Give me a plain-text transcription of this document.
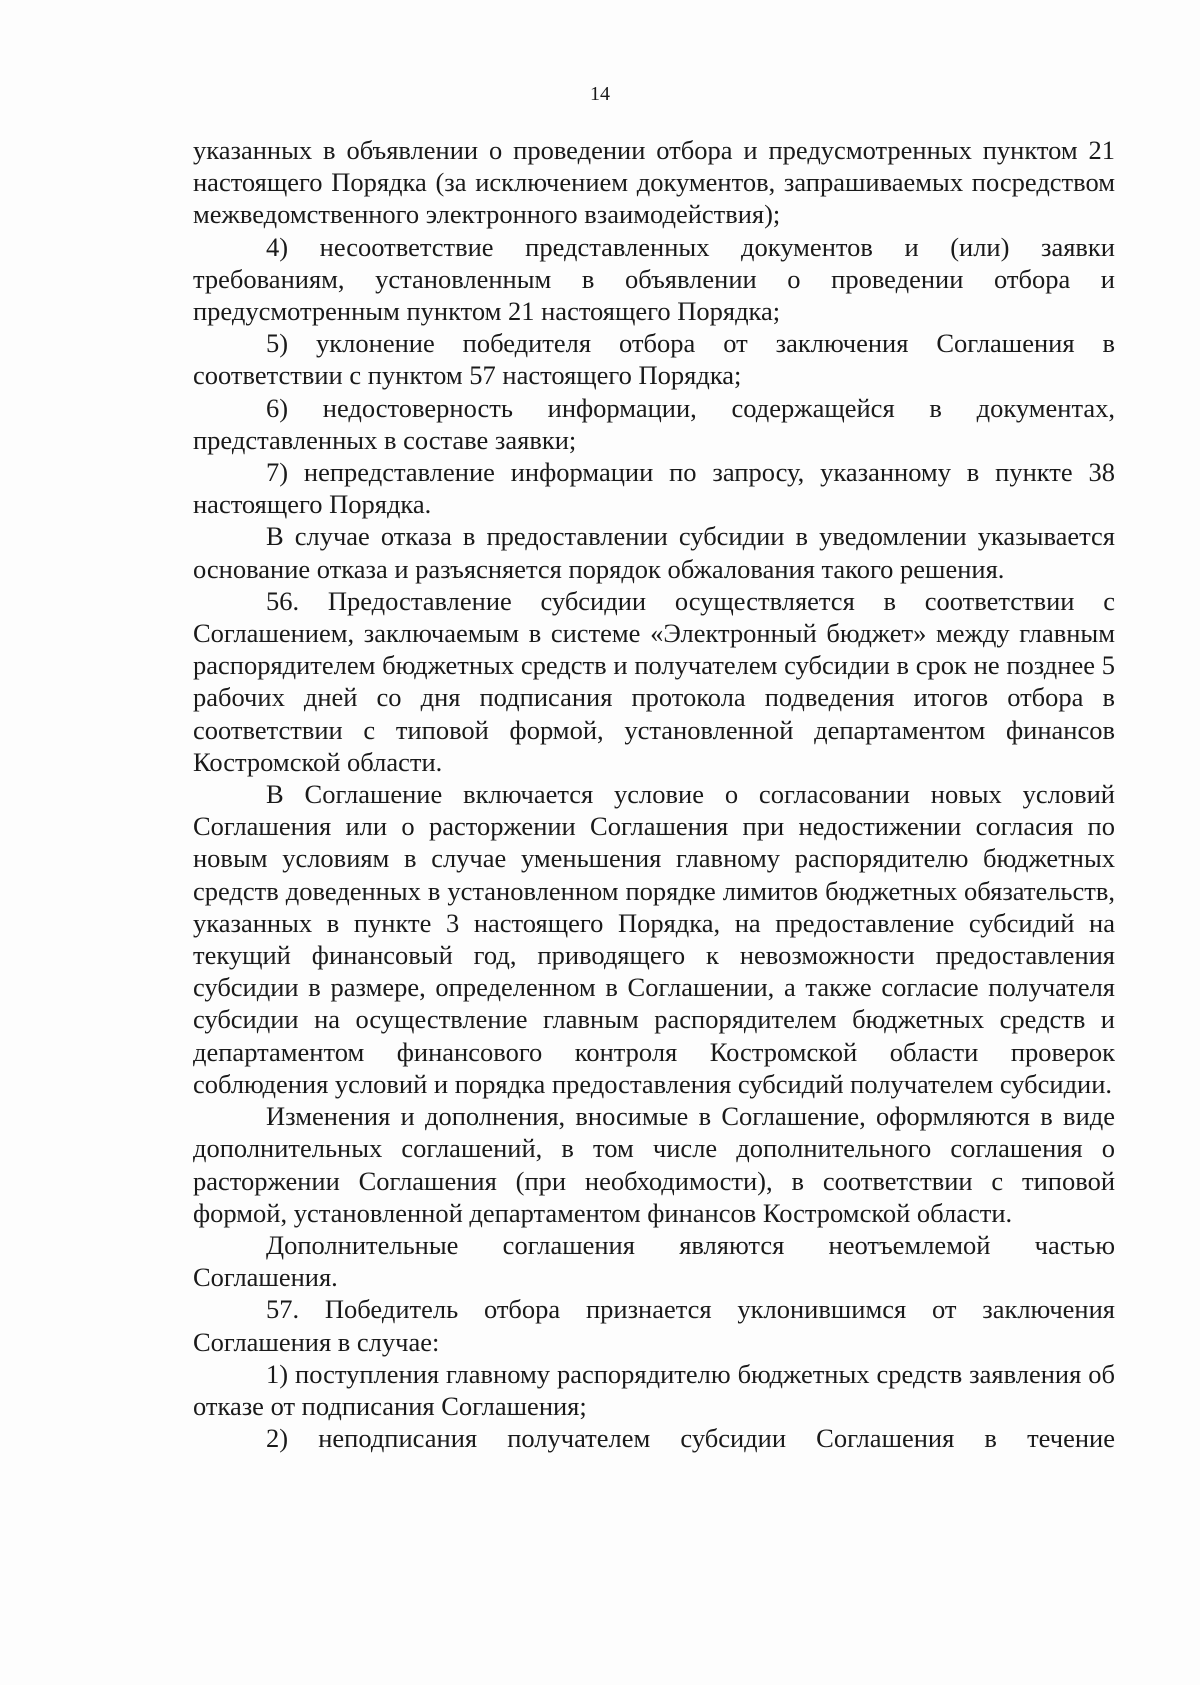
14

указанных в объявлении о проведении отбора и предусмотренных пунктом 21 настоящего Порядка (за исключением документов, запрашиваемых посредством межведомственного электронного взаимодействия);

4) несоответствие представленных документов и (или) заявки требованиям, установленным в объявлении о проведении отбора и предусмотренным пунктом 21 настоящего Порядка;

5) уклонение победителя отбора от заключения Соглашения в соответствии с пунктом 57 настоящего Порядка;

6) недостоверность информации, содержащейся в документах, представленных в составе заявки;

7) непредставление информации по запросу, указанному в пункте 38 настоящего Порядка.

В случае отказа в предоставлении субсидии в уведомлении указывается основание отказа и разъясняется порядок обжалования такого решения.

56. Предоставление субсидии осуществляется в соответствии с Соглашением, заключаемым в системе «Электронный бюджет» между главным распорядителем бюджетных средств и получателем субсидии в срок не позднее 5 рабочих дней со дня подписания протокола подведения итогов отбора в соответствии с типовой формой, установленной департаментом финансов Костромской области.

В Соглашение включается условие о согласовании новых условий Соглашения или о расторжении Соглашения при недостижении согласия по новым условиям в случае уменьшения главному распорядителю бюджетных средств доведенных в установленном порядке лимитов бюджетных обязательств, указанных в пункте 3 настоящего Порядка, на предоставление субсидий на текущий финансовый год, приводящего к невозможности предоставления субсидии в размере, определенном в Соглашении, а также согласие получателя субсидии на осуществление главным распорядителем бюджетных средств и департаментом финансового контроля Костромской области проверок соблюдения условий и порядка предоставления субсидий получателем субсидии.

Изменения и дополнения, вносимые в Соглашение, оформляются в виде дополнительных соглашений, в том числе дополнительного соглашения о расторжении Соглашения (при необходимости), в соответствии с типовой формой, установленной департаментом финансов Костромской области.

Дополнительные соглашения являются неотъемлемой частью Соглашения.

57. Победитель отбора признается уклонившимся от заключения Соглашения в случае:

1) поступления главному распорядителю бюджетных средств заявления об отказе от подписания Соглашения;

2) неподписания получателем субсидии Соглашения в течение
